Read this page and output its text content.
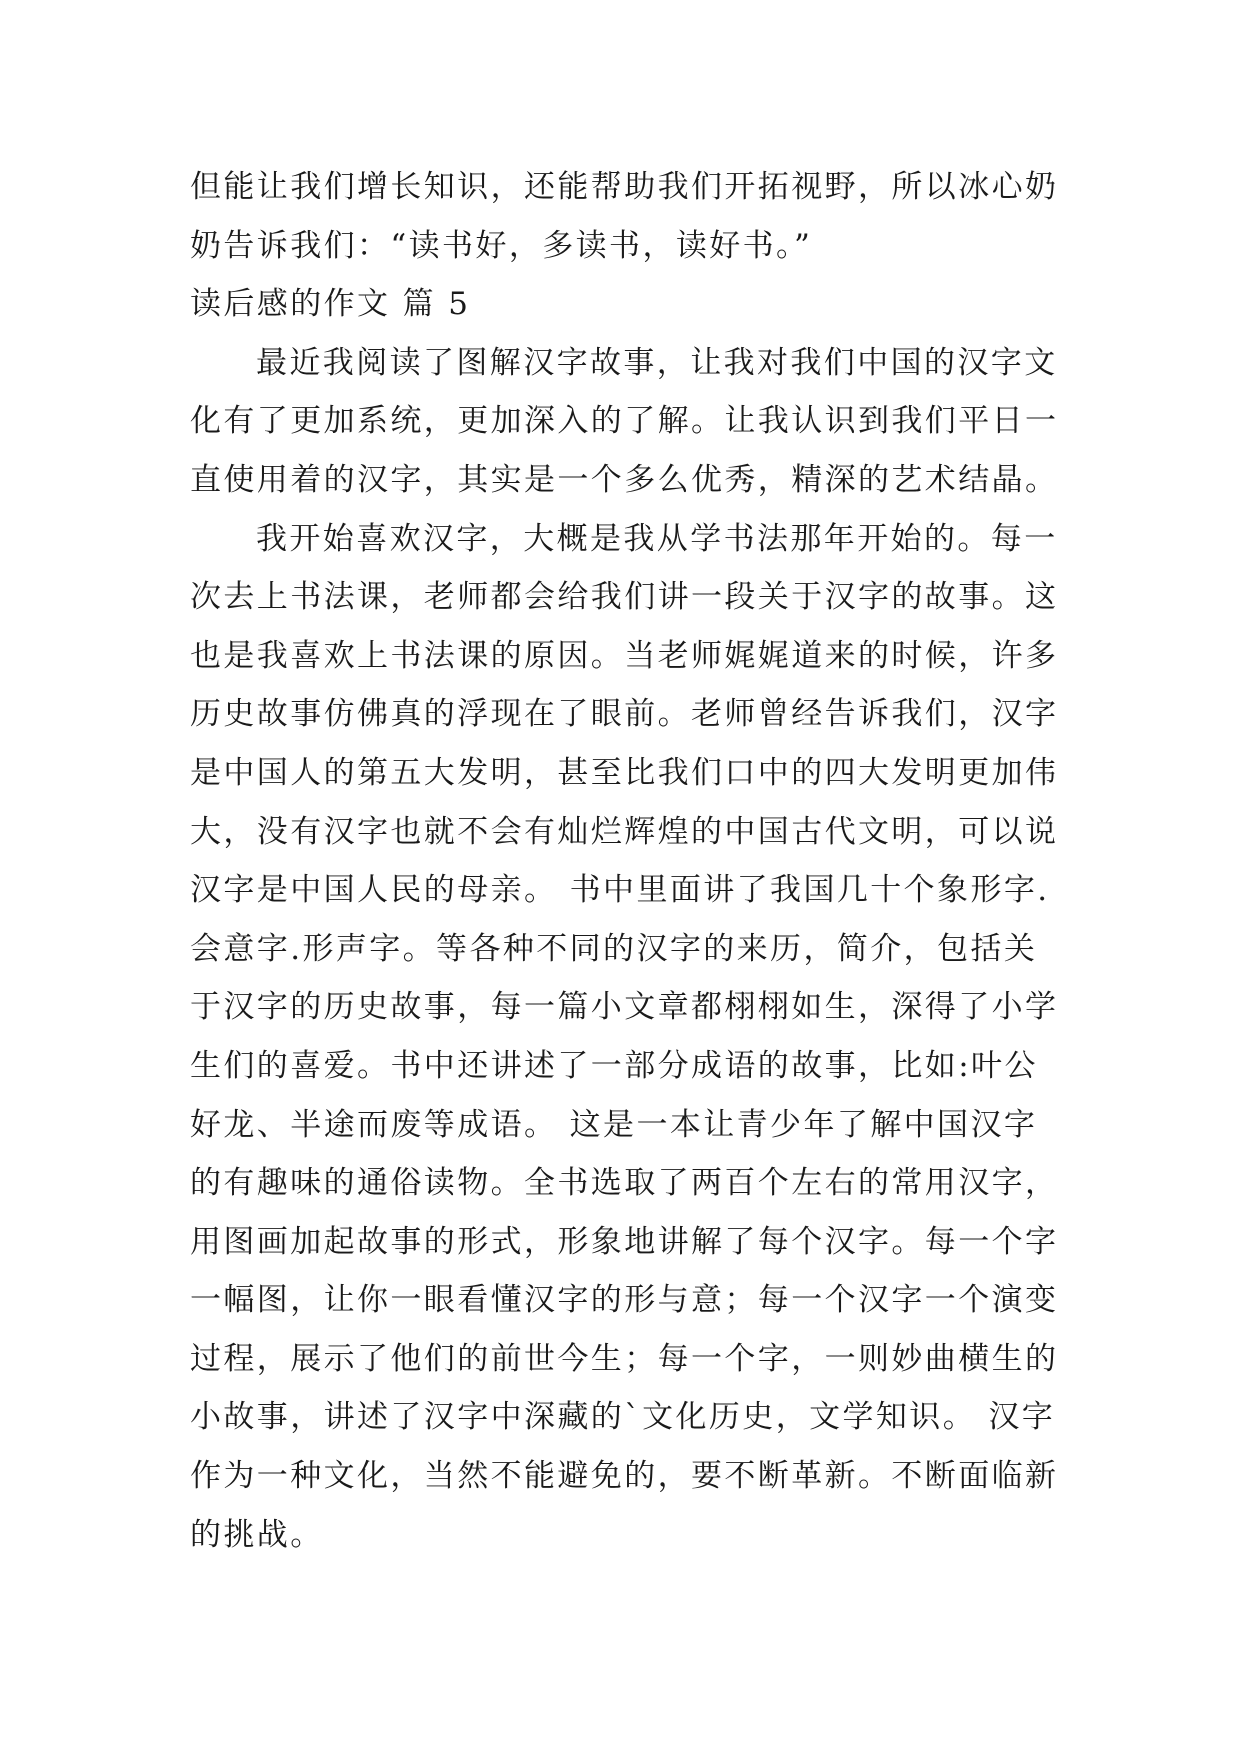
但能让我们增长知识，还能帮助我们开拓视野，所以冰心奶
奶告诉我们：“读书好，多读书，读好书。”
读后感的作文 篇 5
最近我阅读了图解汉字故事，让我对我们中国的汉字文
化有了更加系统，更加深入的了解。让我认识到我们平日一
直使用着的汉字，其实是一个多么优秀，精深的艺术结晶。
我开始喜欢汉字，大概是我从学书法那年开始的。每一
次去上书法课，老师都会给我们讲一段关于汉字的故事。这
也是我喜欢上书法课的原因。当老师娓娓道来的时候，许多
历史故事仿佛真的浮现在了眼前。老师曾经告诉我们，汉字
是中国人的第五大发明，甚至比我们口中的四大发明更加伟
大，没有汉字也就不会有灿烂辉煌的中国古代文明，可以说
汉字是中国人民的母亲。 书中里面讲了我国几十个象形字.
会意字.形声字。等各种不同的汉字的来历，简介，包括关
于汉字的历史故事，每一篇小文章都栩栩如生，深得了小学
生们的喜爱。书中还讲述了一部分成语的故事，比如:叶公
好龙、半途而废等成语。 这是一本让青少年了解中国汉字
的有趣味的通俗读物。全书选取了两百个左右的常用汉字，
用图画加起故事的形式，形象地讲解了每个汉字。每一个字
一幅图，让你一眼看懂汉字的形与意；每一个汉字一个演变
过程，展示了他们的前世今生；每一个字，一则妙曲横生的
小故事，讲述了汉字中深藏的`文化历史，文学知识。 汉字
作为一种文化，当然不能避免的，要不断革新。不断面临新
的挑战。
